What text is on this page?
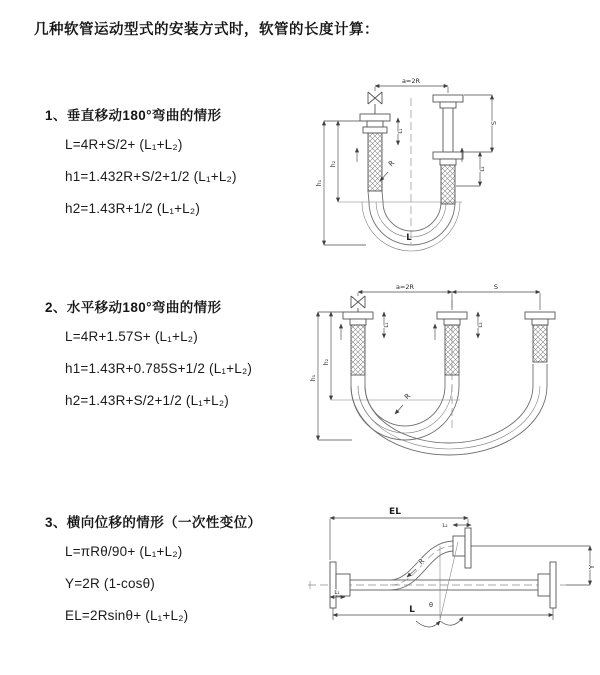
几种软管运动型式的安装方式时，软管的长度计算：
1、垂直移动180°弯曲的情形
L=4R+S/2+ (L₁+L₂)
h1=1.432R+S/2+1/2 (L₁+L₂)
h2=1.43R+1/2 (L₁+L₂)
2、水平移动180°弯曲的情形
L=4R+1.57S+ (L₁+L₂)
h1=1.43R+0.785S+1/2 (L₁+L₂)
h2=1.43R+S/2+1/2 (L₁+L₂)
3、横向位移的情形（一次性变位）
L=πRθ/90+ (L₁+L₂)
Y=2R (1-cosθ)
EL=2Rsinθ+ (L₁+L₂)
a=2R
h₁
h₂
L₁
S
L₂
R
L
a=2R	S
h₁
h₂
L₁	L₂
R
EL
L₂
Y
L
L₁
θ
R
